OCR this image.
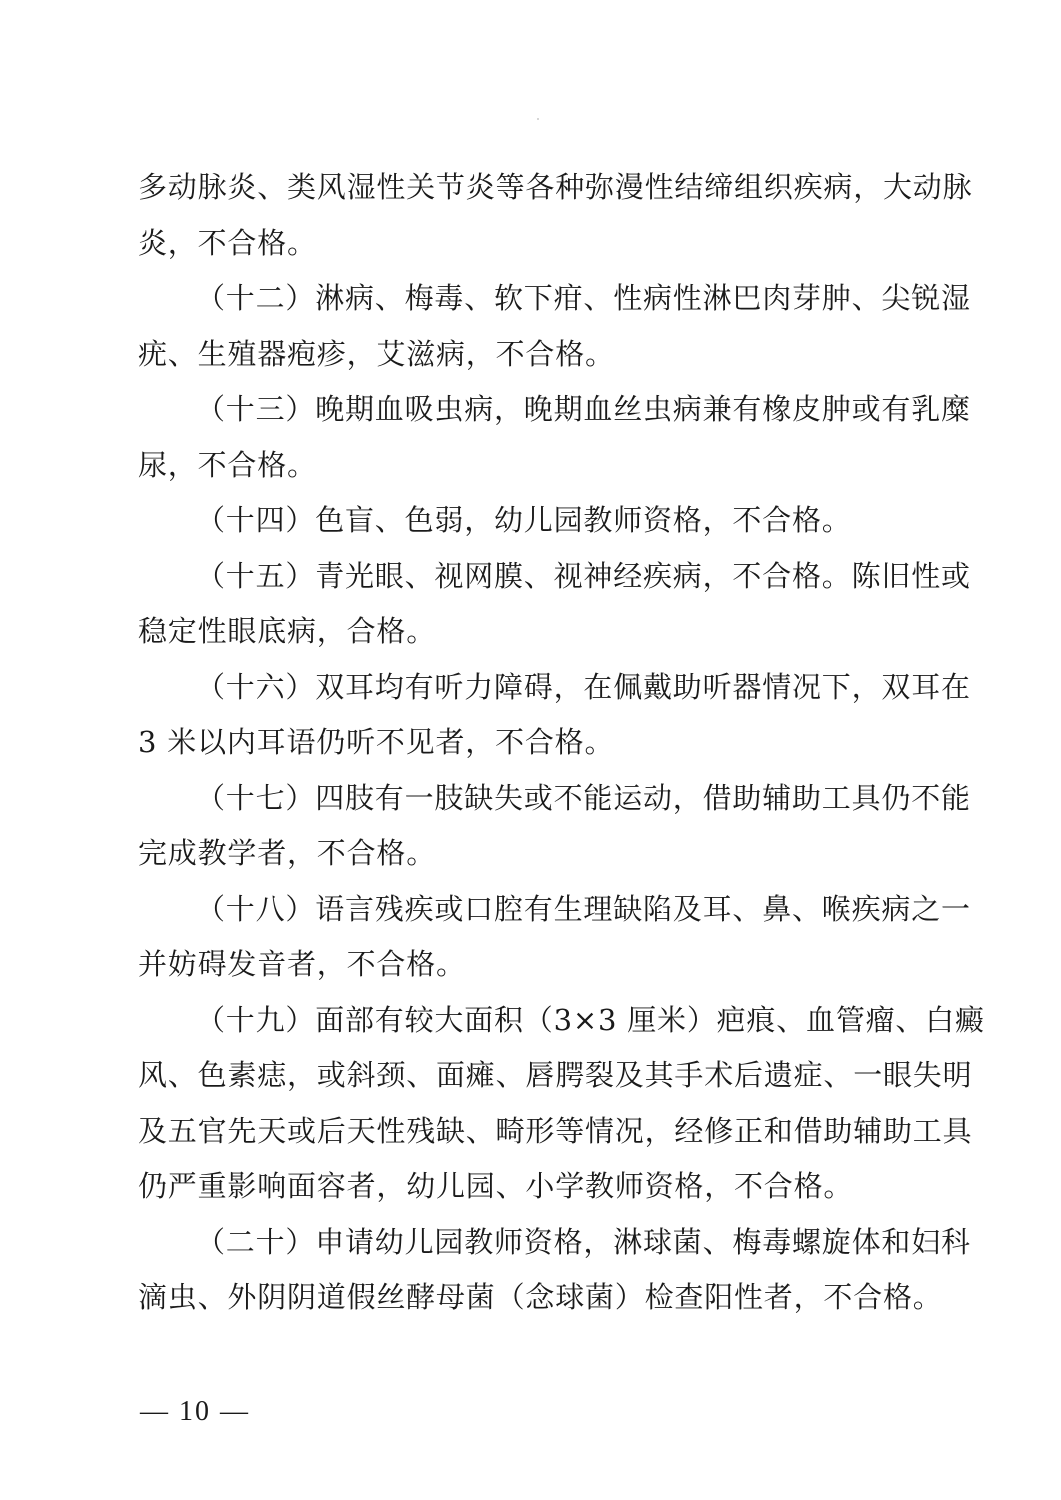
多动脉炎、类风湿性关节炎等各种弥漫性结缔组织疾病，大动脉
炎，不合格。

（十二）淋病、梅毒、软下疳、性病性淋巴肉芽肿、尖锐湿
疣、生殖器疱疹，艾滋病，不合格。

（十三）晚期血吸虫病，晚期血丝虫病兼有橡皮肿或有乳糜
尿，不合格。

（十四）色盲、色弱，幼儿园教师资格，不合格。

（十五）青光眼、视网膜、视神经疾病，不合格。陈旧性或
稳定性眼底病，合格。

（十六）双耳均有听力障碍，在佩戴助听器情况下，双耳在
3 米以内耳语仍听不见者，不合格。

（十七）四肢有一肢缺失或不能运动，借助辅助工具仍不能
完成教学者，不合格。

（十八）语言残疾或口腔有生理缺陷及耳、鼻、喉疾病之一
并妨碍发音者，不合格。

（十九）面部有较大面积（3×3 厘米）疤痕、血管瘤、白癜
风、色素痣，或斜颈、面瘫、唇腭裂及其手术后遗症、一眼失明
及五官先天或后天性残缺、畸形等情况，经修正和借助辅助工具
仍严重影响面容者，幼儿园、小学教师资格，不合格。

（二十）申请幼儿园教师资格，淋球菌、梅毒螺旋体和妇科
滴虫、外阴阴道假丝酵母菌（念球菌）检查阳性者，不合格。

— 10 —
